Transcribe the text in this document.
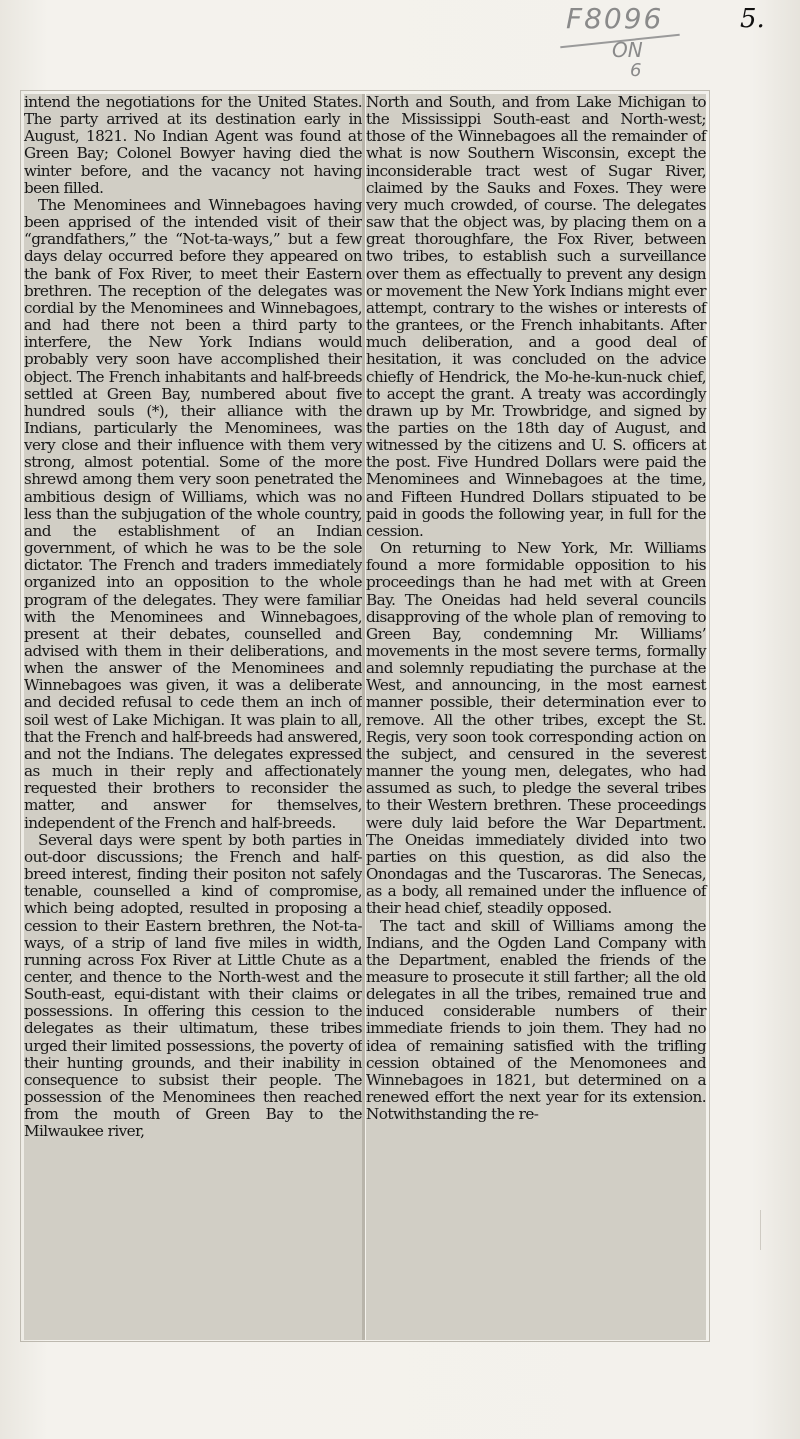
F8096
ON
6
5.

intend the negotiations for the United States. The party arrived at its destination early in August, 1821. No Indian Agent was found at Green Bay; Colonel Bowyer having died the winter before, and the vacancy not having been filled.

The Menominees and Winnebagoes having been apprised of the intended visit of their “grandfathers,” the “Not-ta-ways,” but a few days delay occurred before they appeared on the bank of Fox River, to meet their Eastern brethren. The reception of the delegates was cordial by the Menominees and Winnebagoes, and had there not been a third party to interfere, the New York Indians would probably very soon have accomplished their object. The French inhabitants and half-breeds settled at Green Bay, numbered about five hundred souls (*), their alliance with the Indians, particularly the Menominees, was very close and their influence with them very strong, almost potential. Some of the more shrewd among them very soon penetrated the ambitious design of Williams, which was no less than the subjugation of the whole country, and the establishment of an Indian government, of which he was to be the sole dictator. The French and traders immediately organized into an opposition to the whole program of the delegates. They were familiar with the Menominees and Winnebagoes, present at their debates, counselled and advised with them in their deliberations, and when the answer of the Menominees and Winnebagoes was given, it was a deliberate and decided refusal to cede them an inch of soil west of Lake Michigan. It was plain to all, that the French and half-breeds had answered, and not the Indians. The delegates expressed as much in their reply and affectionately requested their brothers to reconsider the matter, and answer for themselves, independent of the French and half-breeds.

Several days were spent by both parties in out-door discussions; the French and half-breed interest, finding their positon not safely tenable, counselled a kind of compromise, which being adopted, resulted in proposing a cession to their Eastern brethren, the Not-ta-ways, of a strip of land five miles in width, running across Fox River at Little Chute as a center, and thence to the North-west and the South-east, equi-distant with their claims or possessions. In offering this cession to the delegates as their ultimatum, these tribes urged their limited possessions, the poverty of their hunting grounds, and their inability in consequence to subsist their people. The possession of the Menominees then reached from the mouth of Green Bay to the Milwaukee river,

North and South, and from Lake Michigan to the Mississippi South-east and North-west; those of the Winnebagoes all the remainder of what is now Southern Wisconsin, except the inconsiderable tract west of Sugar River, claimed by the Sauks and Foxes. They were very much crowded, of course. The delegates saw that the object was, by placing them on a great thoroughfare, the Fox River, between two tribes, to establish such a surveillance over them as effectually to prevent any design or movement the New York Indians might ever attempt, contrary to the wishes or interests of the grantees, or the French inhabitants. After much deliberation, and a good deal of hesitation, it was concluded on the advice chiefly of Hendrick, the Mo-he-kun-nuck chief, to accept the grant. A treaty was accordingly drawn up by Mr. Trowbridge, and signed by the parties on the 18th day of August, and witnessed by the citizens and U. S. officers at the post. Five Hundred Dollars were paid the Menominees and Winnebagoes at the time, and Fifteen Hundred Dollars stipuated to be paid in goods the following year, in full for the cession.

On returning to New York, Mr. Williams found a more formidable opposition to his proceedings than he had met with at Green Bay. The Oneidas had held several councils disapproving of the whole plan of removing to Green Bay, condemning Mr. Williams’ movements in the most severe terms, formally and solemnly repudiating the purchase at the West, and announcing, in the most earnest manner possible, their determination ever to remove. All the other tribes, except the St. Regis, very soon took corresponding action on the subject, and censured in the severest manner the young men, delegates, who had assumed as such, to pledge the several tribes to their Western brethren. These proceedings were duly laid before the War Department. The Oneidas immediately divided into two parties on this question, as did also the Onondagas and the Tuscaroras. The Senecas, as a body, all remained under the influence of their head chief, steadily opposed.

The tact and skill of Williams among the Indians, and the Ogden Land Company with the Department, enabled the friends of the measure to prosecute it still farther; all the old delegates in all the tribes, remained true and induced considerable numbers of their immediate friends to join them. They had no idea of remaining satisfied with the trifling cession obtained of the Menomonees and Winnebagoes in 1821, but determined on a renewed effort the next year for its extension. Notwithstanding the re-
